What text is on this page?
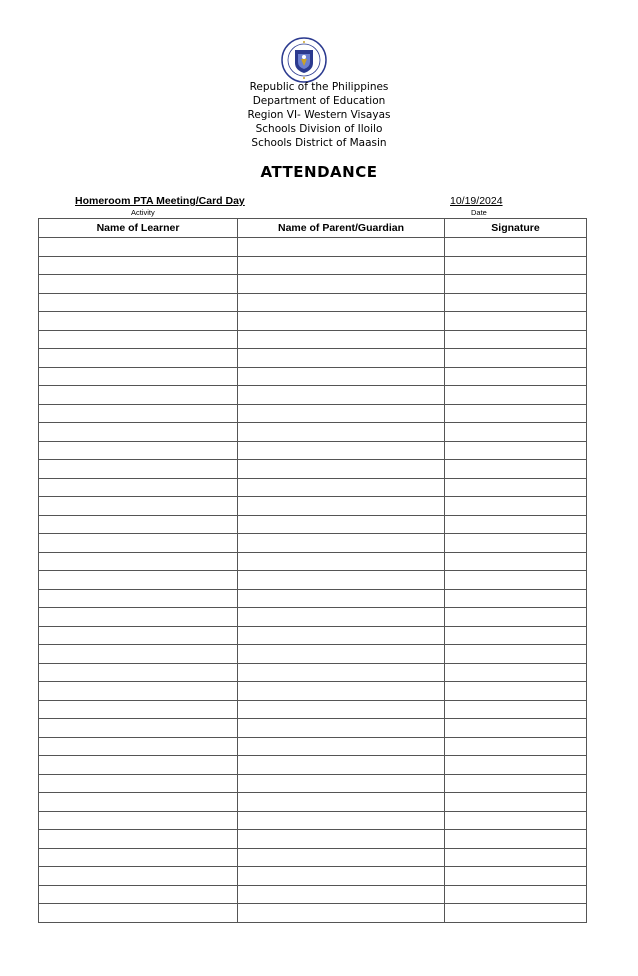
Republic of the Philippines
Department of Education
Region VI- Western Visayas
Schools Division of Iloilo
Schools District of Maasin
ATTENDANCE
Homeroom PTA Meeting/Card Day
Activity
10/19/2024
Date
Name of Learner	Name of Parent/Guardian	Signature
